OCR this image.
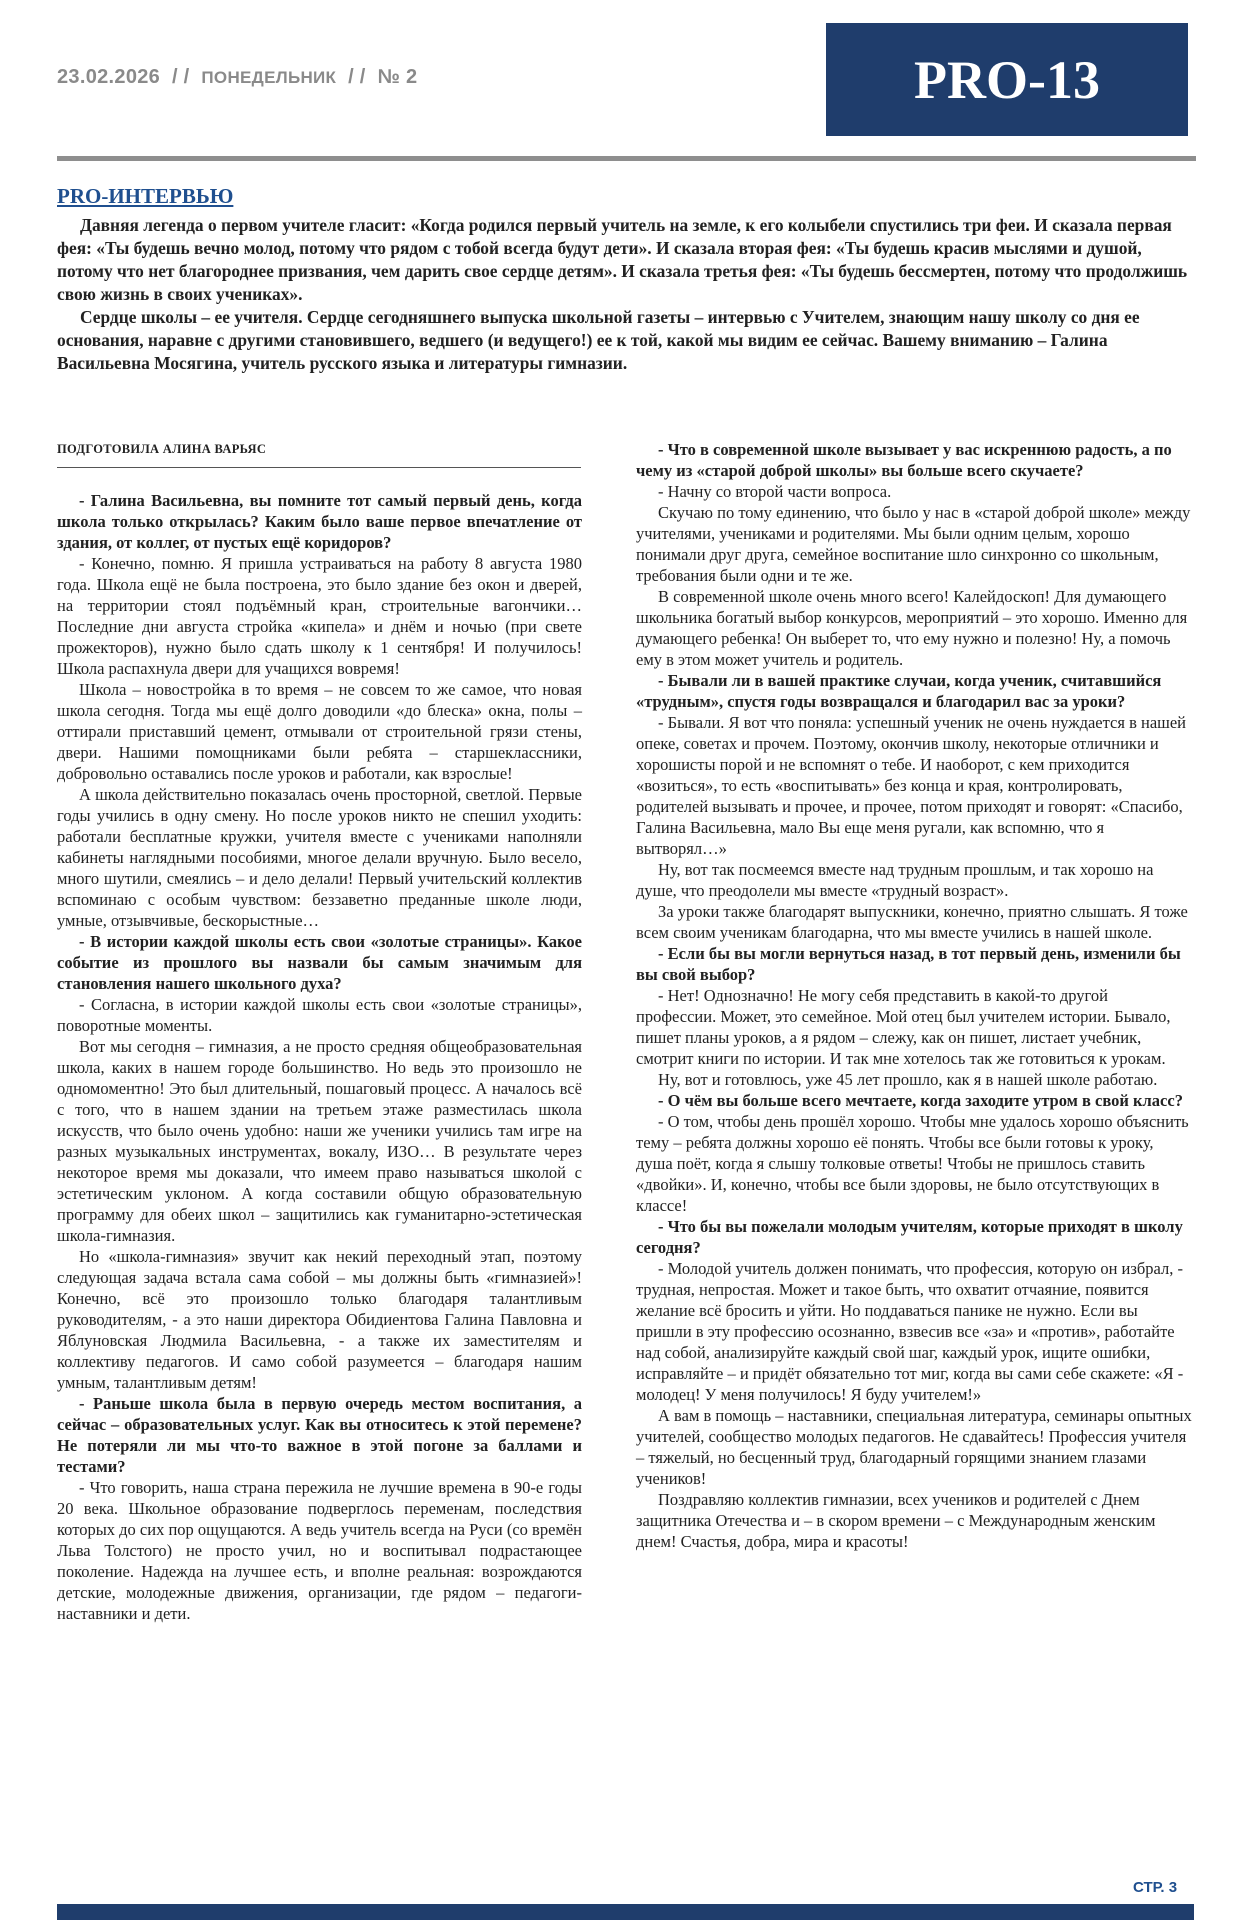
23.02.2026 / / ПОНЕДЕЛЬНИК / / № 2	PRO-13
PRO-ИНТЕРВЬЮ

Давняя легенда о первом учителе гласит: «Когда родился первый учитель на земле, к его колыбели спустились три феи. И сказала первая фея: «Ты будешь вечно молод, потому что рядом с тобой всегда будут дети». И сказала вторая фея: «Ты будешь красив мыслями и душой, потому что нет благороднее призвания, чем дарить свое сердце детям». И сказала третья фея: «Ты будешь бессмертен, потому что продолжишь свою жизнь в своих учениках».

Сердце школы – ее учителя. Сердце сегодняшнего выпуска школьной газеты – интервью с Учителем, знающим нашу школу со дня ее основания, наравне с другими становившего, ведшего (и ведущего!) ее к той, какой мы видим ее сейчас. Вашему вниманию – Галина Васильевна Мосягина, учитель русского языка и литературы гимназии.

ПОДГОТОВИЛА АЛИНА ВАРЬЯС

- Галина Васильевна, вы помните тот самый первый день, когда школа только открылась? Каким было ваше первое впечатление от здания, от коллег, от пустых ещё коридоров?

- Конечно, помню. Я пришла устраиваться на работу 8 августа 1980 года. Школа ещё не была построена, это было здание без окон и дверей, на территории стоял подъёмный кран, строительные вагончики… Последние дни августа стройка «кипела» и днём и ночью (при свете прожекторов), нужно было сдать школу к 1 сентября! И получилось! Школа распахнула двери для учащихся вовремя!

Школа – новостройка в то время – не совсем то же самое, что новая школа сегодня. Тогда мы ещё долго доводили «до блеска» окна, полы – оттирали приставший цемент, отмывали от строительной грязи стены, двери. Нашими помощниками были ребята – старшеклассники, добровольно оставались после уроков и работали, как взрослые!

А школа действительно показалась очень просторной, светлой. Первые годы учились в одну смену. Но после уроков никто не спешил уходить: работали бесплатные кружки, учителя вместе с учениками наполняли кабинеты наглядными пособиями, многое делали вручную. Было весело, много шутили, смеялись – и дело делали! Первый учительский коллектив вспоминаю с особым чувством: беззаветно преданные школе люди, умные, отзывчивые, бескорыстные…

- В истории каждой школы есть свои «золотые страницы». Какое событие из прошлого вы назвали бы самым значимым для становления нашего школьного духа?

- Согласна, в истории каждой школы есть свои «золотые страницы», поворотные моменты.

Вот мы сегодня – гимназия, а не просто средняя общеобразовательная школа, каких в нашем городе большинство. Но ведь это произошло не одномоментно! Это был длительный, пошаговый процесс. А началось всё с того, что в нашем здании на третьем этаже разместилась школа искусств, что было очень удобно: наши же ученики учились там игре на разных музыкальных инструментах, вокалу, ИЗО… В результате через некоторое время мы доказали, что имеем право называться школой с эстетическим уклоном. А когда составили общую образовательную программу для обеих школ – защитились как гуманитарно-эстетическая школа-гимназия.

Но «школа-гимназия» звучит как некий переходный этап, поэтому следующая задача встала сама собой – мы должны быть «гимназией»! Конечно, всё это произошло только благодаря талантливым руководителям, - а это наши директора Обидиентова Галина Павловна и Яблуновская Людмила Васильевна, - а также их заместителям и коллективу педагогов. И само собой разумеется – благодаря нашим умным, талантливым детям!

- Раньше школа была в первую очередь местом воспитания, а сейчас – образовательных услуг. Как вы относитесь к этой перемене? Не потеряли ли мы что-то важное в этой погоне за баллами и тестами?

- Что говорить, наша страна пережила не лучшие времена в 90-е годы 20 века. Школьное образование подверглось переменам, последствия которых до сих пор ощущаются. А ведь учитель всегда на Руси (со времён Льва Толстого) не просто учил, но и воспитывал подрастающее поколение. Надежда на лучшее есть, и вполне реальная: возрождаются детские, молодежные движения, организации, где рядом – педагоги-наставники и дети.

- Что в современной школе вызывает у вас искреннюю радость, а по чему из «старой доброй школы» вы больше всего скучаете?

- Начну со второй части вопроса.

Скучаю по тому единению, что было у нас в «старой доброй школе» между учителями, учениками и родителями. Мы были одним целым, хорошо понимали друг друга, семейное воспитание шло синхронно со школьным, требования были одни и те же.

В современной школе очень много всего! Калейдоскоп! Для думающего школьника богатый выбор конкурсов, мероприятий – это хорошо. Именно для думающего ребенка! Он выберет то, что ему нужно и полезно! Ну, а помочь ему в этом может учитель и родитель.

- Бывали ли в вашей практике случаи, когда ученик, считавшийся «трудным», спустя годы возвращался и благодарил вас за уроки?

- Бывали. Я вот что поняла: успешный ученик не очень нуждается в нашей опеке, советах и прочем. Поэтому, окончив школу, некоторые отличники и хорошисты порой и не вспомнят о тебе. И наоборот, с кем приходится «возиться», то есть «воспитывать» без конца и края, контролировать, родителей вызывать и прочее, и прочее, потом приходят и говорят: «Спасибо, Галина Васильевна, мало Вы еще меня ругали, как вспомню, что я вытворял…»

Ну, вот так посмеемся вместе над трудным прошлым, и так хорошо на душе, что преодолели мы вместе «трудный возраст».

За уроки также благодарят выпускники, конечно, приятно слышать. Я тоже всем своим ученикам благодарна, что мы вместе учились в нашей школе.

- Если бы вы могли вернуться назад, в тот первый день, изменили бы вы свой выбор?

- Нет! Однозначно! Не могу себя представить в какой-то другой профессии. Может, это семейное. Мой отец был учителем истории. Бывало, пишет планы уроков, а я рядом – слежу, как он пишет, листает учебник, смотрит книги по истории. И так мне хотелось так же готовиться к урокам.

Ну, вот и готовлюсь, уже 45 лет прошло, как я в нашей школе работаю.

- О чём вы больше всего мечтаете, когда заходите утром в свой класс?

- О том, чтобы день прошёл хорошо. Чтобы мне удалось хорошо объяснить тему – ребята должны хорошо её понять. Чтобы все были готовы к уроку, душа поёт, когда я слышу толковые ответы! Чтобы не пришлось ставить «двойки». И, конечно, чтобы все были здоровы, не было отсутствующих в классе!

- Что бы вы пожелали молодым учителям, которые приходят в школу сегодня?

- Молодой учитель должен понимать, что профессия, которую он избрал, - трудная, непростая. Может и такое быть, что охватит отчаяние, появится желание всё бросить и уйти. Но поддаваться панике не нужно. Если вы пришли в эту профессию осознанно, взвесив все «за» и «против», работайте над собой, анализируйте каждый свой шаг, каждый урок, ищите ошибки, исправляйте – и придёт обязательно тот миг, когда вы сами себе скажете: «Я - молодец! У меня получилось! Я буду учителем!»

А вам в помощь – наставники, специальная литература, семинары опытных учителей, сообщество молодых педагогов. Не сдавайтесь! Профессия учителя – тяжелый, но бесценный труд, благодарный горящими знанием глазами учеников!

Поздравляю коллектив гимназии, всех учеников и родителей с Днем защитника Отечества и – в скором времени – с Международным женским днем! Счастья, добра, мира и красоты!

СТР. 3
